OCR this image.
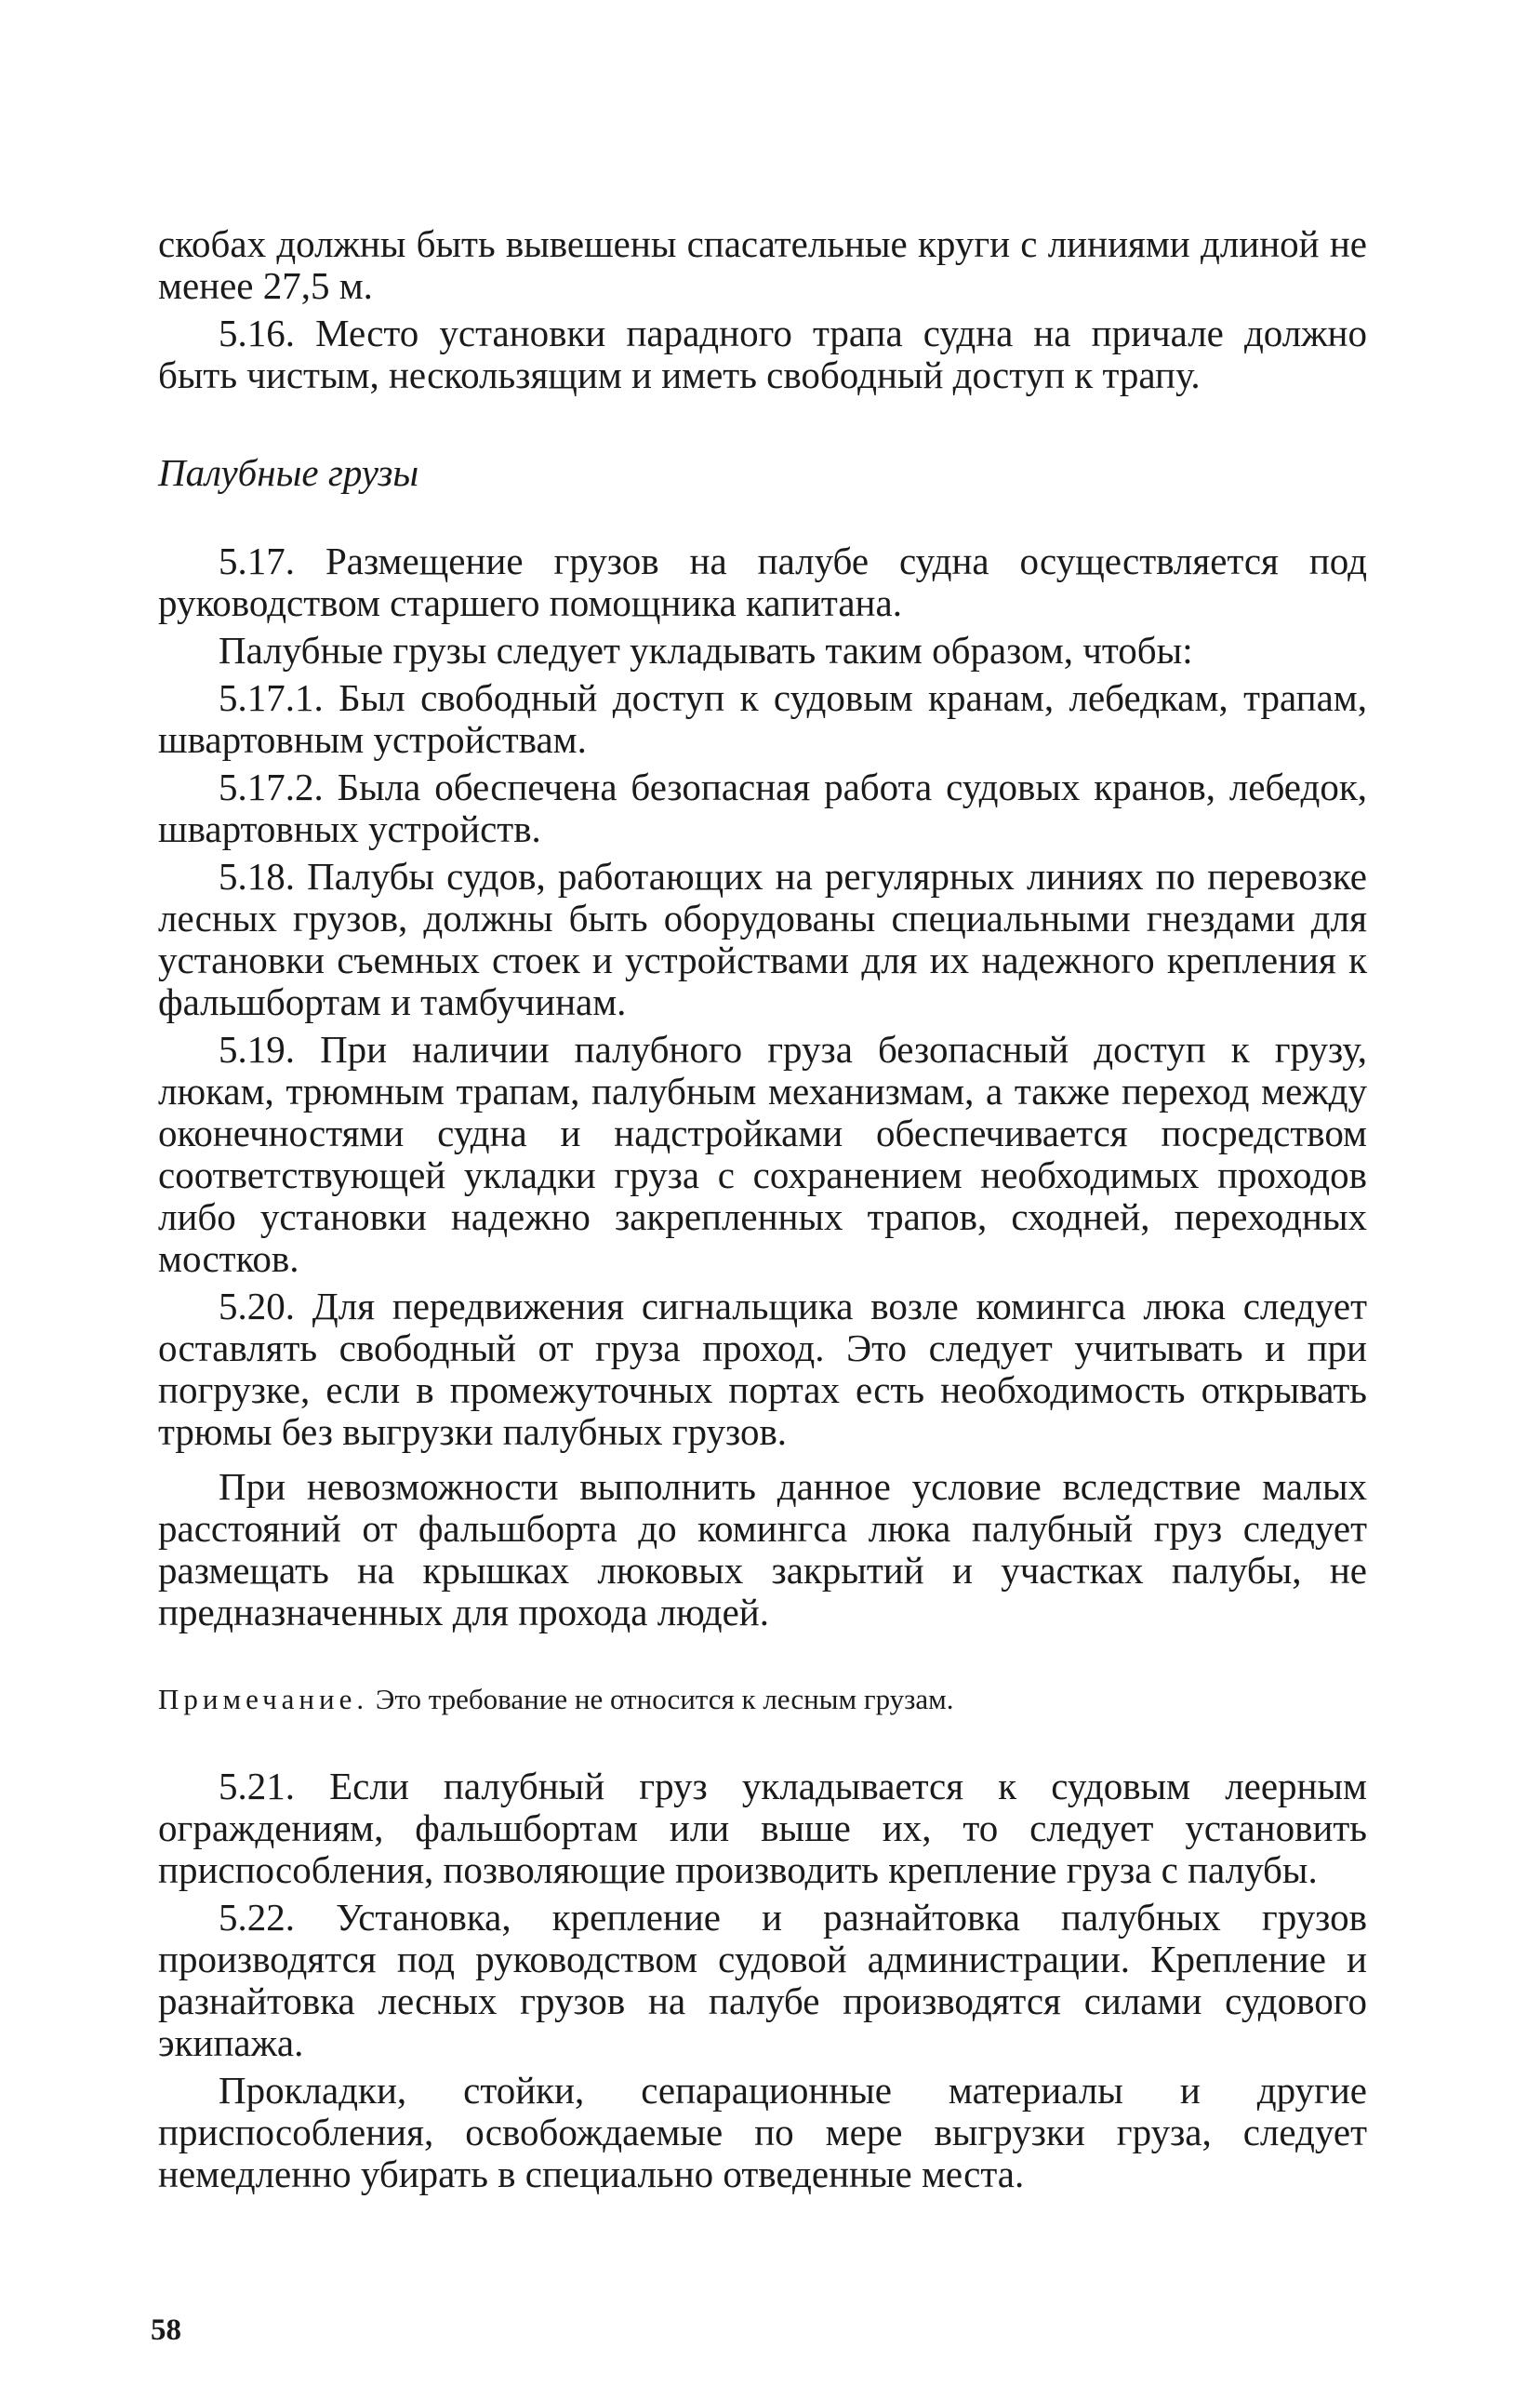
скобах должны быть вывешены спасательные круги с линиями длиной не менее 27,5 м.

5.16. Место установки парадного трапа судна на причале должно быть чистым, нескользящим и иметь свободный доступ к трапу.

Палубные грузы

5.17. Размещение грузов на палубе судна осуществляется под руководством старшего помощника капитана.

Палубные грузы следует укладывать таким образом, чтобы:

5.17.1. Был свободный доступ к судовым кранам, лебедкам, трапам, швартовным устройствам.

5.17.2. Была обеспечена безопасная работа судовых кранов, лебедок, швартовных устройств.

5.18. Палубы судов, работающих на регулярных линиях по перевозке лесных грузов, должны быть оборудованы специальными гнездами для установки съемных стоек и устройствами для их надежного крепления к фальшбортам и тамбучинам.

5.19. При наличии палубного груза безопасный доступ к грузу, люкам, трюмным трапам, палубным механизмам, а также переход между оконечностями судна и надстройками обеспечивается посредством соответствующей укладки груза с сохранением необходимых проходов либо установки надежно закрепленных трапов, сходней, переходных мостков.

5.20. Для передвижения сигнальщика возле комингса люка следует оставлять свободный от груза проход. Это следует учитывать и при погрузке, если в промежуточных портах есть необходимость открывать трюмы без выгрузки палубных грузов.

При невозможности выполнить данное условие вследствие малых расстояний от фальшборта до комингса люка палубный груз следует размещать на крышках люковых закрытий и участках палубы, не предназначенных для прохода людей.

Примечание. Это требование не относится к лесным грузам.

5.21. Если палубный груз укладывается к судовым леерным ограждениям, фальшбортам или выше их, то следует установить приспособления, позволяющие производить крепление груза с палубы.

5.22. Установка, крепление и разнайтовка палубных грузов производятся под руководством судовой администрации. Крепление и разнайтовка лесных грузов на палубе производятся силами судового экипажа.

Прокладки, стойки, сепарационные материалы и другие приспособления, освобождаемые по мере выгрузки груза, следует немедленно убирать в специально отведенные места.

58
